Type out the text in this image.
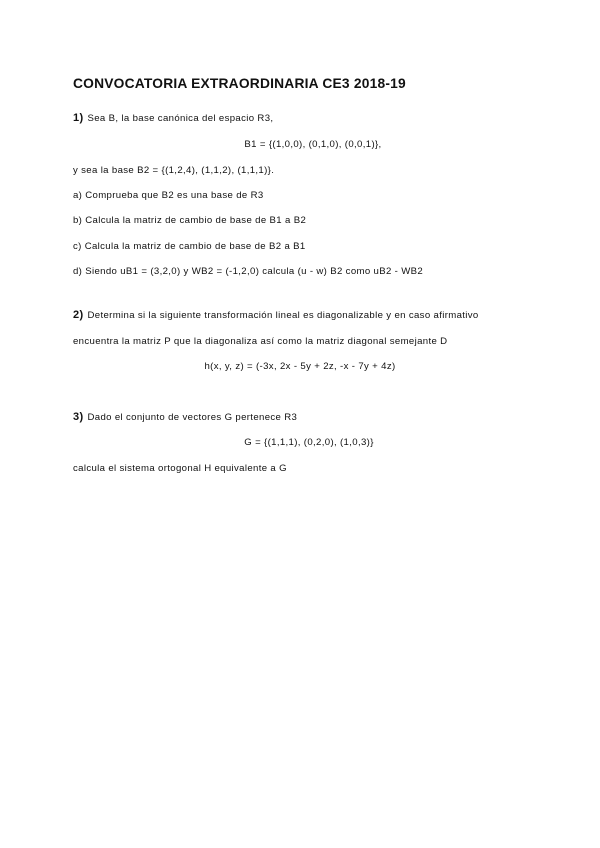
CONVOCATORIA EXTRAORDINARIA CE3 2018-19
1) Sea B, la base canónica del espacio R3,
B1 = {(1,0,0), (0,1,0), (0,0,1)},
y sea la base B2 = {(1,2,4), (1,1,2), (1,1,1)}.
a) Comprueba que B2 es una base de R3
b) Calcula la matriz de cambio de base de B1 a B2
c) Calcula la matriz de cambio de base de B2 a B1
d) Siendo uB1 = (3,2,0) y WB2 = (-1,2,0) calcula (u - w) B2 como uB2 - WB2
2) Determina si la siguiente transformación lineal es diagonalizable y en caso afirmativo
encuentra la matriz P que la diagonaliza así como la matriz diagonal semejante D
h(x, y, z) = (-3x, 2x - 5y + 2z, -x - 7y + 4z)
3) Dado el conjunto de vectores G pertenece R3
G = {(1,1,1), (0,2,0), (1,0,3)}
calcula el sistema ortogonal H equivalente a G
